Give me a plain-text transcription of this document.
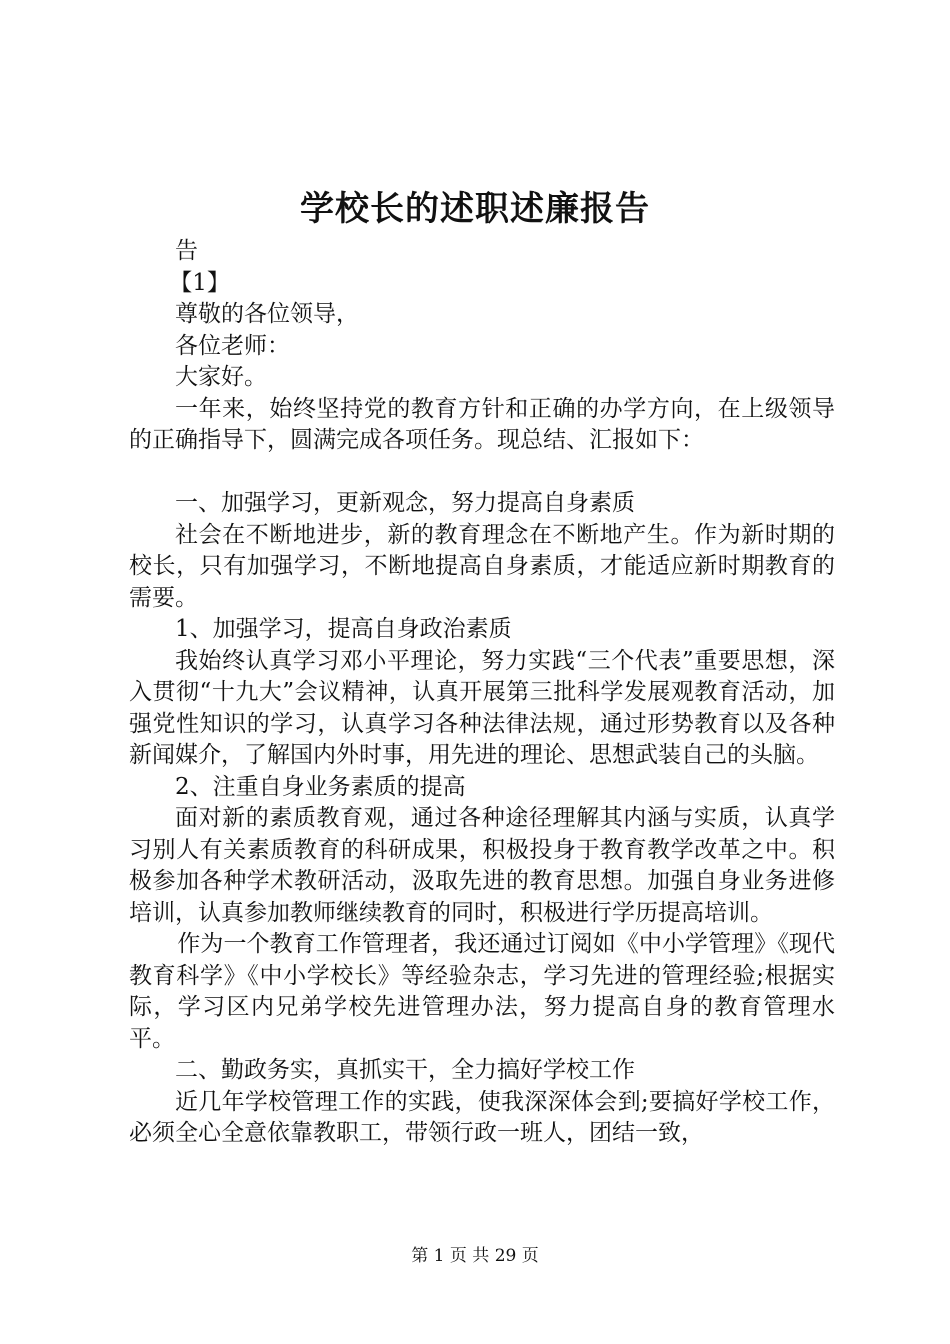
学校长的述职述廉报告

告

【1】

尊敬的各位领导，

各位老师：

大家好。

一年来，始终坚持党的教育方针和正确的办学方向，在上级领导的正确指导下，圆满完成各项任务。现总结、汇报如下：

一、加强学习，更新观念，努力提高自身素质

社会在不断地进步，新的教育理念在不断地产生。作为新时期的校长，只有加强学习，不断地提高自身素质，才能适应新时期教育的需要。

1、加强学习，提高自身政治素质

我始终认真学习邓小平理论，努力实践“三个代表”重要思想，深入贯彻“十九大”会议精神，认真开展第三批科学发展观教育活动，加强党性知识的学习，认真学习各种法律法规，通过形势教育以及各种新闻媒介，了解国内外时事，用先进的理论、思想武装自己的头脑。

2、注重自身业务素质的提高

面对新的素质教育观，通过各种途径理解其内涵与实质，认真学习别人有关素质教育的科研成果，积极投身于教育教学改革之中。积极参加各种学术教研活动，汲取先进的教育思想。加强自身业务进修培训，认真参加教师继续教育的同时，积极进行学历提高培训。

作为一个教育工作管理者，我还通过订阅如《中小学管理》《现代教育科学》《中小学校长》等经验杂志，学习先进的管理经验;根据实际，学习区内兄弟学校先进管理办法，努力提高自身的教育管理水平。

二、勤政务实，真抓实干，全力搞好学校工作

近几年学校管理工作的实践，使我深深体会到;要搞好学校工作，必须全心全意依靠教职工，带领行政一班人，团结一致，

第 1 页 共 29 页
